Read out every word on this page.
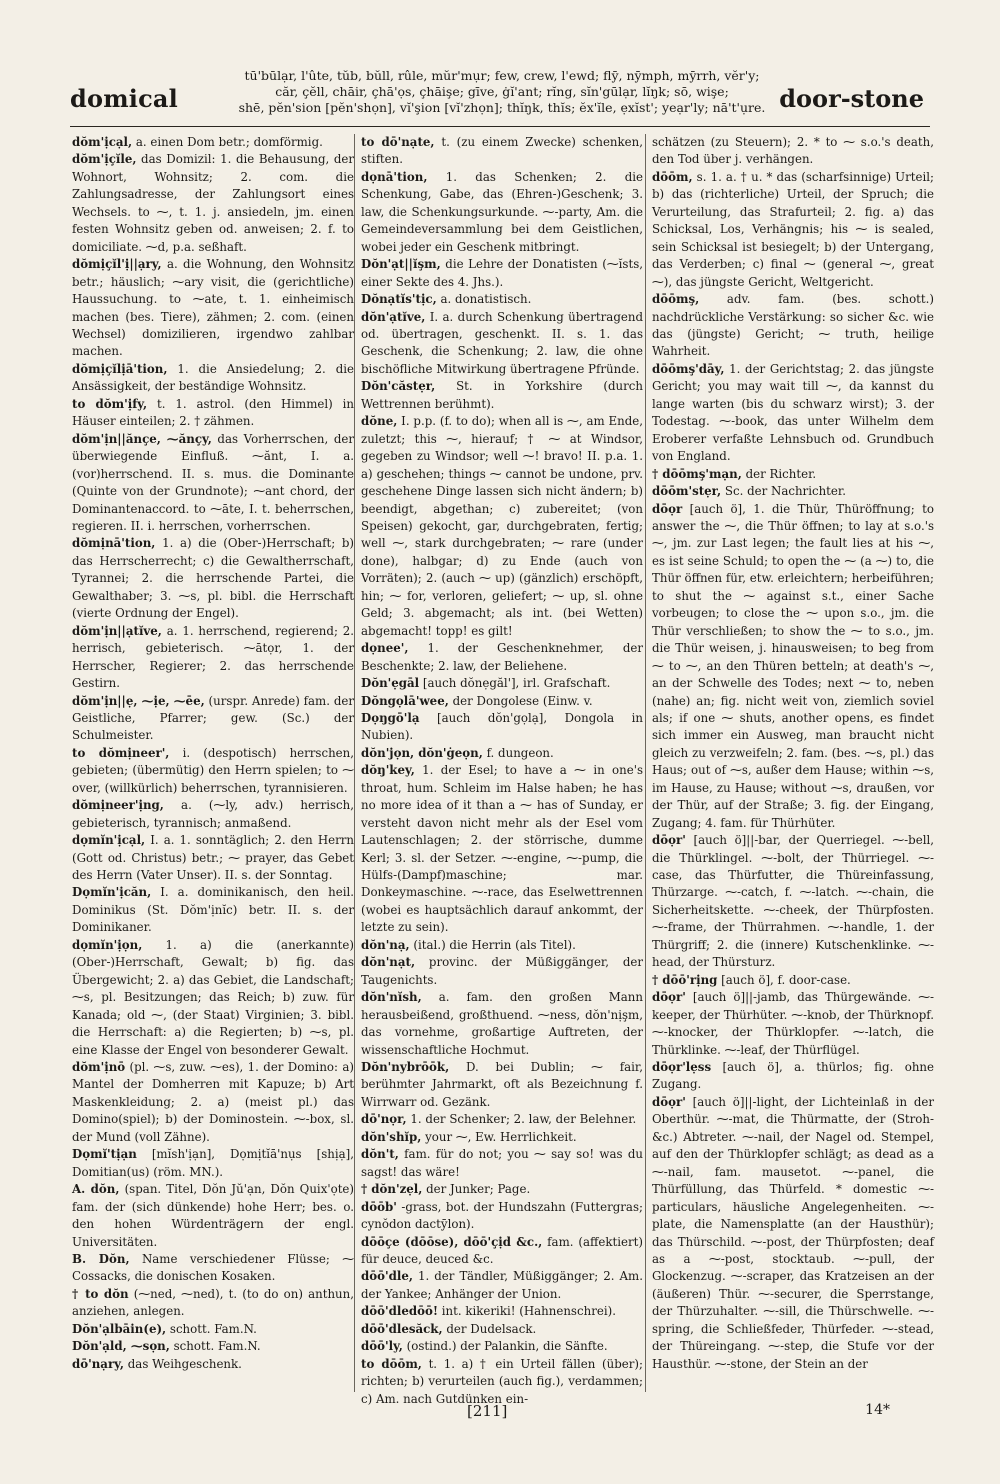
domical
tū'būlạr, l'ûte, tŭb, bŭll, rûle, mŭr'mụr; few, crew, l'ewd; flȳ, nȳmph, mȳrrh, vĕr'y;
căr, çĕll, chāir, çhā'ọs, çhāişe; gīve, ġĭ'ant; rĭng, sĭn'gūlạr, lĭŋk; sō, wişe;
shē, pĕn'sion [pĕn'shọn], vĭ'şion [vĭ'zhọn]; thĭŋk, thĭs; ĕx'ĭle, ẹxĭst'; yeạr'ly; nā't'ụre. door-stone

dŏm'ịcạl, a. einen Dom betr.; domförmig.

dŏm'ịçĭle, das Domizil: 1. die Behausung, der Wohnort, Wohnsitz; 2. com. die Zahlungsadresse, der Zahlungsort eines Wechsels. to ⁓, t. 1. j. ansiedeln, jm. einen festen Wohnsitz geben od. anweisen; 2. f. to domiciliate. ⁓d, p.a. seßhaft.

dŏmịçĭl'ị||ạry, a. die Wohnung, den Wohnsitz betr.; häuslich; ⁓ary visit, die (gerichtliche) Haussuchung. to ⁓ate, t. 1. einheimisch machen (bes. Tiere), zähmen; 2. com. (einen Wechsel) domizilieren, irgendwo zahlbar machen.

dŏmịçĭlịā'tion, 1. die Ansiedelung; 2. die Ansässigkeit, der beständige Wohnsitz.

to dŏm'ịfy, t. 1. astrol. (den Himmel) in Häuser einteilen; 2. † zähmen.

dŏm'ịn||ănçe, ⁓ănçy, das Vorherrschen, der überwiegende Einfluß. ⁓ănt, I. a. (vor)herrschend. II. s. mus. die Dominante (Quinte von der Grundnote); ⁓ant chord, der Dominantenaccord. to ⁓āte, I. t. beherrschen, regieren. II. i. herrschen, vorherrschen.

dŏmịnā'tion, 1. a) die (Ober-)Herrschaft; b) das Herrscherrecht; c) die Gewaltherrschaft, Tyrannei; 2. die herrschende Partei, die Gewalthaber; 3. ⁓s, pl. bibl. die Herrschaft (vierte Ordnung der Engel).

dŏm'ịn||ạtĭve, a. 1. herrschend, regierend; 2. herrisch, gebieterisch. ⁓ātọr, 1. der Herrscher, Regierer; 2. das herrschende Gestirn.

dŏm'ịn||ẹ, ⁓ịe, ⁓ēe, (urspr. Anrede) fam. der Geistliche, Pfarrer; gew. (Sc.) der Schulmeister.

to dŏmịneer', i. (despotisch) herrschen, gebieten; (übermütig) den Herrn spielen; to ⁓ over, (willkürlich) beherrschen, tyrannisieren.

dŏmịneer'ịng, a. (⁓ly, adv.) herrisch, gebieterisch, tyrannisch; anmaßend.

dọmĭn'ịcạl, I. a. 1. sonntäglich; 2. den Herrn (Gott od. Christus) betr.; ⁓ prayer, das Gebet des Herrn (Vater Unser). II. s. der Sonntag.

Dọmĭn'ịcăn, I. a. dominikanisch, den heil. Dominikus (St. Dŏm'ịnĭc) betr. II. s. der Dominikaner.

dọmĭn'ịọn, 1. a) die (anerkannte) (Ober-)Herrschaft, Gewalt; b) fig. das Übergewicht; 2. a) das Gebiet, die Landschaft; ⁓s, pl. Besitzungen; das Reich; b) zuw. für Kanada; old ⁓, (der Staat) Virginien; 3. bibl. die Herrschaft: a) die Regierten; b) ⁓s, pl. eine Klasse der Engel von besonderer Gewalt.

dŏm'ịnō (pl. ⁓s, zuw. ⁓es), 1. der Domino: a) Mantel der Domherren mit Kapuze; b) Art Maskenkleidung; 2. a) (meist pl.) das Domino(spiel); b) der Dominostein. ⁓-box, sl. der Mund (voll Zähne).

Dọmĭ'tịạn [mĭsh'ịạn], Dọmịtĭā'nụs [shịạ], Domitian(us) (röm. MN.).

A. dŏn, (span. Titel, Dŏn Jŭ'ạn, Dŏn Quix'ọte) fam. der (sich dünkende) hohe Herr; bes. o. den hohen Würdenträgern der engl. Universitäten.

B. Dŏn, Name verschiedener Flüsse; ⁓ Cossacks, die donischen Kosaken.

† to dŏn (⁓ned, ⁓ned), t. (to do on) anthun, anziehen, anlegen.

Dŏn'ạlbāin(e), schott. Fam.N.

Dŏn'ạld, ⁓sọn, schott. Fam.N.

dō'nạry, das Weihgeschenk.

to dō'nạte, t. (zu einem Zwecke) schenken, stiften.

dọnā'tion, 1. das Schenken; 2. die Schenkung, Gabe, das (Ehren-)Geschenk; 3. law, die Schenkungsurkunde. ⁓-party, Am. die Gemeindeversammlung bei dem Geistlichen, wobei jeder ein Geschenk mitbringt.

Dŏn'ạt||ĭşm, die Lehre der Donatisten (⁓ĭsts, einer Sekte des 4. Jhs.).

Dŏnạtĭs'tịc, a. donatistisch.

dŏn'ạtĭve, I. a. durch Schenkung übertragend od. übertragen, geschenkt. II. s. 1. das Geschenk, die Schenkung; 2. law, die ohne bischöfliche Mitwirkung übertragene Pfründe.

Dŏn'căstẹr, St. in Yorkshire (durch Wettrennen berühmt).

dŏne, I. p.p. (f. to do); when all is ⁓, am Ende, zuletzt; this ⁓, hierauf; † ⁓ at Windsor, gegeben zu Windsor; well ⁓! bravo! II. p.a. 1. a) geschehen; things ⁓ cannot be undone, prv. geschehene Dinge lassen sich nicht ändern; b) beendigt, abgethan; c) zubereitet; (von Speisen) gekocht, gar, durchgebraten, fertig; well ⁓, stark durchgebraten; ⁓ rare (under done), halbgar; d) zu Ende (auch von Vorräten); 2. (auch ⁓ up) (gänzlich) erschöpft, hin; ⁓ for, verloren, geliefert; ⁓ up, sl. ohne Geld; 3. abgemacht; als int. (bei Wetten) abgemacht! topp! es gilt!

dọnee', 1. der Geschenknehmer, der Beschenkte; 2. law, der Beliehene.

Dŏn'ẹgāl [auch dŏnẹgăl'], irl. Grafschaft.

Dŏngọlā'wee, der Dongolese (Einw. v.

Dọŋgō'lạ [auch dŏn'gọlạ], Dongola in Nubien).

dŏn'jọn, dŏn'ġeọn, f. dungeon.

dŏŋ'key, 1. der Esel; to have a ⁓ in one's throat, hum. Schleim im Halse haben; he has no more idea of it than a ⁓ has of Sunday, er versteht davon nicht mehr als der Esel vom Lautenschlagen; 2. der störrische, dumme Kerl; 3. sl. der Setzer. ⁓-engine, ⁓-pump, die Hülfs-(Dampf)maschine; mar. Donkeymaschine. ⁓-race, das Eselwettrennen (wobei es hauptsächlich darauf ankommt, der letzte zu sein).

dŏn'nạ, (ital.) die Herrin (als Titel).

dŏn'nạt, provinc. der Müßiggänger, der Taugenichts.

dŏn'nĭsh, a. fam. den großen Mann herausbeißend, großthuend. ⁓ness, dŏn'nịşm, das vornehme, großartige Auftreten, der wissenschaftliche Hochmut.

Dŏn'nybrōōk, D. bei Dublin; ⁓ fair, berühmter Jahrmarkt, oft als Bezeichnung f. Wirrwarr od. Gezänk.

dō'nọr, 1. der Schenker; 2. law, der Belehner.

dŏn'shĭp, your ⁓, Ew. Herrlichkeit.

dŏn't, fam. für do not; you ⁓ say so! was du sagst! das wäre!

† dŏn'zẹl, der Junker; Page.

dōōb' -grass, bot. der Hundszahn (Futtergras; cynŏdon dactȳlon).

dōōçe (dōōse), dōō'çịd &c., fam. (affektiert) für deuce, deuced &c.

dōō'dle, 1. der Tändler, Müßiggänger; 2. Am. der Yankee; Anhänger der Union.

dōō'dledōō! int. kikeriki! (Hahnenschrei).

dōō'dlesăck, der Dudelsack.

dōō'ly, (ostind.) der Palankin, die Sänfte.

to dōōm, t. 1. a) † ein Urteil fällen (über); richten; b) verurteilen (auch fig.), verdammen; c) Am. nach Gutdünken ein-

schätzen (zu Steuern); 2. * to ⁓ s.o.'s death, den Tod über j. verhängen.

dōōm, s. 1. a. † u. * das (scharfsinnige) Urteil; b) das (richterliche) Urteil, der Spruch; die Verurteilung, das Strafurteil; 2. fig. a) das Schicksal, Los, Verhängnis; his ⁓ is sealed, sein Schicksal ist besiegelt; b) der Untergang, das Verderben; c) final ⁓ (general ⁓, great ⁓), das jüngste Gericht, Weltgericht.

dōōmş, adv. fam. (bes. schott.) nachdrückliche Verstärkung: so sicher &c. wie das (jüngste) Gericht; ⁓ truth, heilige Wahrheit.

dōōmş'dāy, 1. der Gerichtstag; 2. das jüngste Gericht; you may wait till ⁓, da kannst du lange warten (bis du schwarz wirst); 3. der Todestag. ⁓-book, das unter Wilhelm dem Eroberer verfaßte Lehnsbuch od. Grundbuch von England.

† dōōmş'mạn, der Richter.

dōōm'stẹr, Sc. der Nachrichter.

dōọr [auch ö], 1. die Thür, Thüröffnung; to answer the ⁓, die Thür öffnen; to lay at s.o.'s ⁓, jm. zur Last legen; the fault lies at his ⁓, es ist seine Schuld; to open the ⁓ (a ⁓) to, die Thür öffnen für, etw. erleichtern; herbeiführen; to shut the ⁓ against s.t., einer Sache vorbeugen; to close the ⁓ upon s.o., jm. die Thür verschließen; to show the ⁓ to s.o., jm. die Thür weisen, j. hinausweisen; to beg from ⁓ to ⁓, an den Thüren betteln; at death's ⁓, an der Schwelle des Todes; next ⁓ to, neben (nahe) an; fig. nicht weit von, ziemlich soviel als; if one ⁓ shuts, another opens, es findet sich immer ein Ausweg, man braucht nicht gleich zu verzweifeln; 2. fam. (bes. ⁓s, pl.) das Haus; out of ⁓s, außer dem Hause; within ⁓s, im Hause, zu Hause; without ⁓s, draußen, vor der Thür, auf der Straße; 3. fig. der Eingang, Zugang; 4. fam. für Thürhüter.

dōọr' [auch ö]||-bar, der Querriegel. ⁓-bell, die Thürklingel. ⁓-bolt, der Thürriegel. ⁓-case, das Thürfutter, die Thüreinfassung, Thürzarge. ⁓-catch, f. ⁓-latch. ⁓-chain, die Sicherheitskette. ⁓-cheek, der Thürpfosten. ⁓-frame, der Thürrahmen. ⁓-handle, 1. der Thürgriff; 2. die (innere) Kutschenklinke. ⁓-head, der Thürsturz.

† dōō'rịng [auch ö], f. door-case.

dōọr' [auch ö]||-jamb, das Thürgewände. ⁓-keeper, der Thürhüter. ⁓-knob, der Thürknopf. ⁓-knocker, der Thürklopfer. ⁓-latch, die Thürklinke. ⁓-leaf, der Thürflügel.

dōọr'lẹss [auch ö], a. thürlos; fig. ohne Zugang.

dōọr' [auch ö]||-light, der Lichteinlaß in der Oberthür. ⁓-mat, die Thürmatte, der (Stroh- &c.) Abtreter. ⁓-nail, der Nagel od. Stempel, auf den der Thürklopfer schlägt; as dead as a ⁓-nail, fam. mausetot. ⁓-panel, die Thürfüllung, das Thürfeld. * domestic ⁓-particulars, häusliche Angelegenheiten. ⁓-plate, die Namensplatte (an der Hausthür); das Thürschild. ⁓-post, der Thürpfosten; deaf as a ⁓-post, stocktaub. ⁓-pull, der Glockenzug. ⁓-scraper, das Kratzeisen an der (äußeren) Thür. ⁓-securer, die Sperrstange, der Thürzuhalter. ⁓-sill, die Thürschwelle. ⁓-spring, die Schließfeder, Thürfeder. ⁓-stead, der Thüreingang. ⁓-step, die Stufe vor der Hausthür. ⁓-stone, der Stein an der

[211]	14*
